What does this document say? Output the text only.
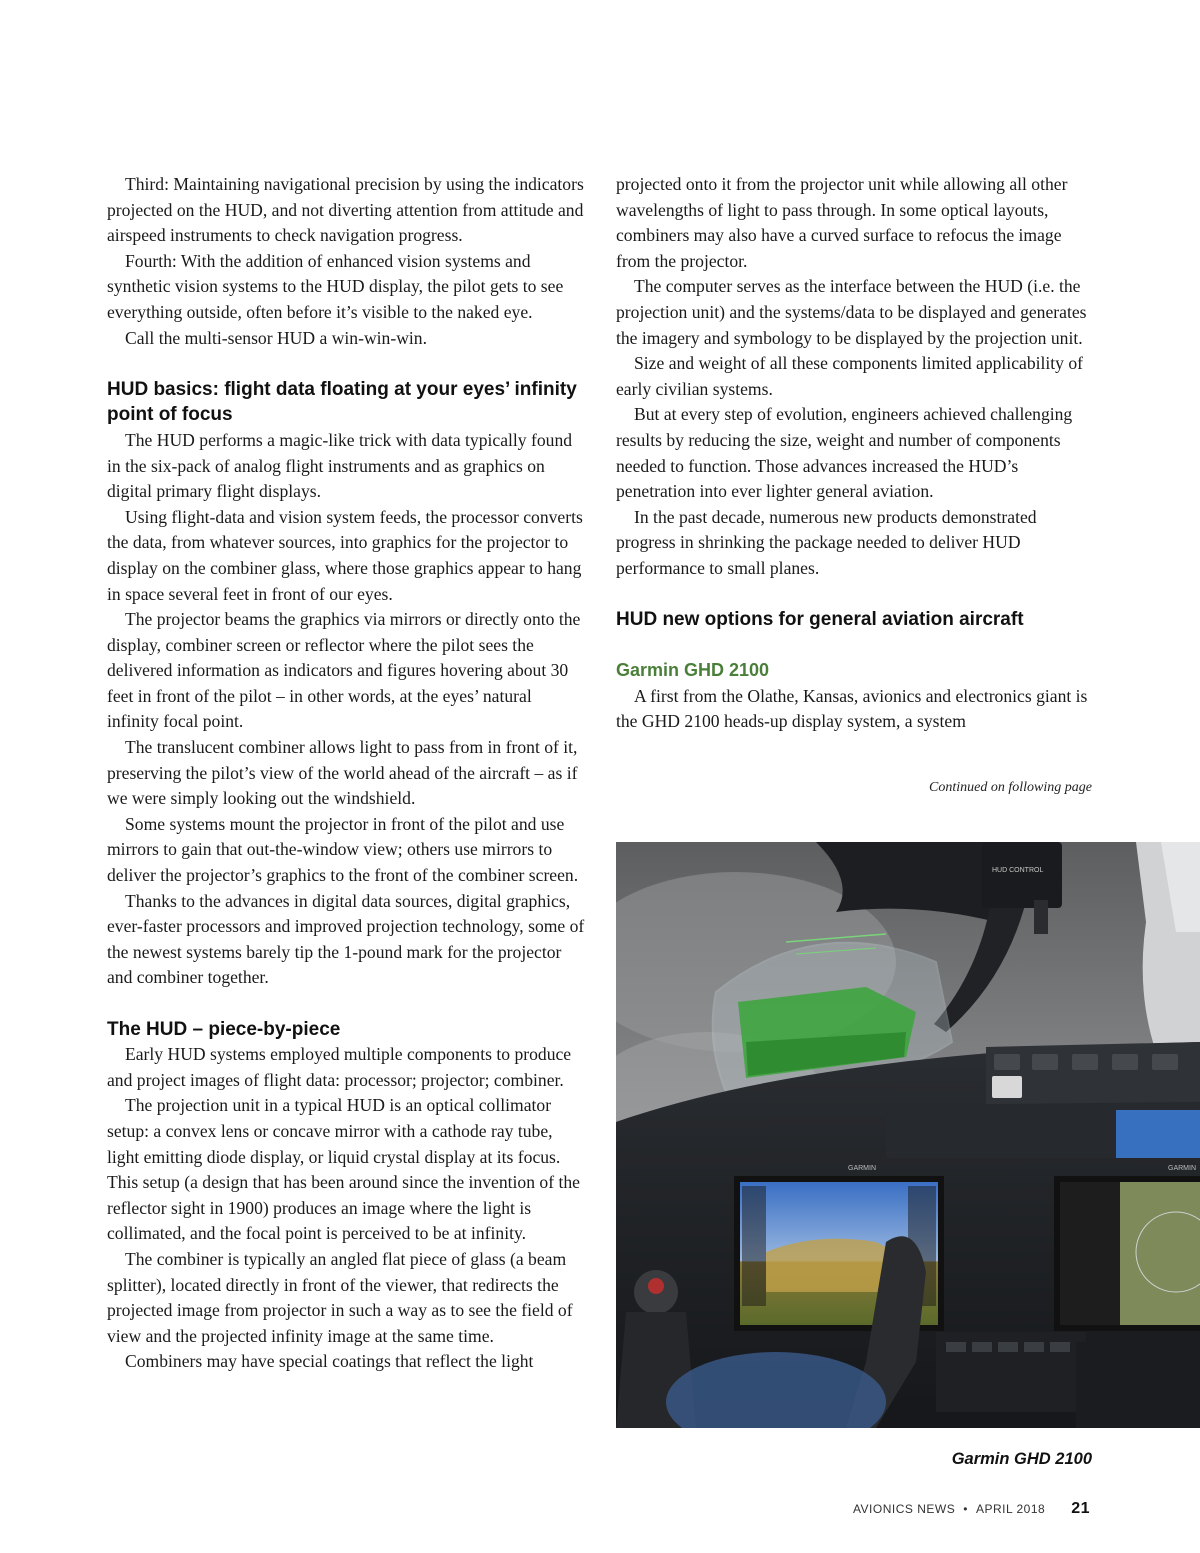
Third: Maintaining navigational precision by using the indicators projected on the HUD, and not diverting attention from attitude and airspeed instruments to check navigation progress.

Fourth: With the addition of enhanced vision systems and synthetic vision systems to the HUD display, the pilot gets to see everything outside, often before it’s visible to the naked eye.

Call the multi-sensor HUD a win-win-win.

HUD basics: flight data floating at your eyes’ infinity point of focus

The HUD performs a magic-like trick with data typically found in the six-pack of analog flight instruments and as graphics on digital primary flight displays.

Using flight-data and vision system feeds, the processor converts the data, from whatever sources, into graphics for the projector to display on the combiner glass, where those graphics appear to hang in space several feet in front of our eyes.

The projector beams the graphics via mirrors or directly onto the display, combiner screen or reflector where the pilot sees the delivered information as indicators and figures hovering about 30 feet in front of the pilot – in other words, at the eyes’ natural infinity focal point.

The translucent combiner allows light to pass from in front of it, preserving the pilot’s view of the world ahead of the aircraft – as if we were simply looking out the windshield.

Some systems mount the projector in front of the pilot and use mirrors to gain that out-the-window view; others use mirrors to deliver the projector’s graphics to the front of the combiner screen.

Thanks to the advances in digital data sources, digital graphics, ever-faster processors and improved projection technology, some of the newest systems barely tip the 1-pound mark for the projector and combiner together.

The HUD – piece-by-piece

Early HUD systems employed multiple components to produce and project images of flight data: processor; projector; combiner.

The projection unit in a typical HUD is an optical collimator setup: a convex lens or concave mirror with a cathode ray tube, light emitting diode display, or liquid crystal display at its focus. This setup (a design that has been around since the invention of the reflector sight in 1900) produces an image where the light is collimated, and the focal point is perceived to be at infinity.

The combiner is typically an angled flat piece of glass (a beam splitter), located directly in front of the viewer, that redirects the projected image from projector in such a way as to see the field of view and the projected infinity image at the same time.

Combiners may have special coatings that reflect the light

projected onto it from the projector unit while allowing all other wavelengths of light to pass through. In some optical layouts, combiners may also have a curved surface to refocus the image from the projector.

The computer serves as the interface between the HUD (i.e. the projection unit) and the systems/data to be displayed and generates the imagery and symbology to be displayed by the projection unit.

Size and weight of all these components limited applicability of early civilian systems.

But at every step of evolution, engineers achieved challenging results by reducing the size, weight and number of components needed to function. Those advances increased the HUD’s penetration into ever lighter general aviation.

In the past decade, numerous new products demonstrated progress in shrinking the package needed to deliver HUD performance to small planes.

HUD new options for general aviation aircraft
Garmin GHD 2100

A first from the Olathe, Kansas, avionics and electronics giant is the GHD 2100 heads-up display system, a system

Continued on following page
HUD CONTROL
GARMIN	GARMIN
Garmin GHD 2100
AVIONICS NEWS • APRIL 2018 21
